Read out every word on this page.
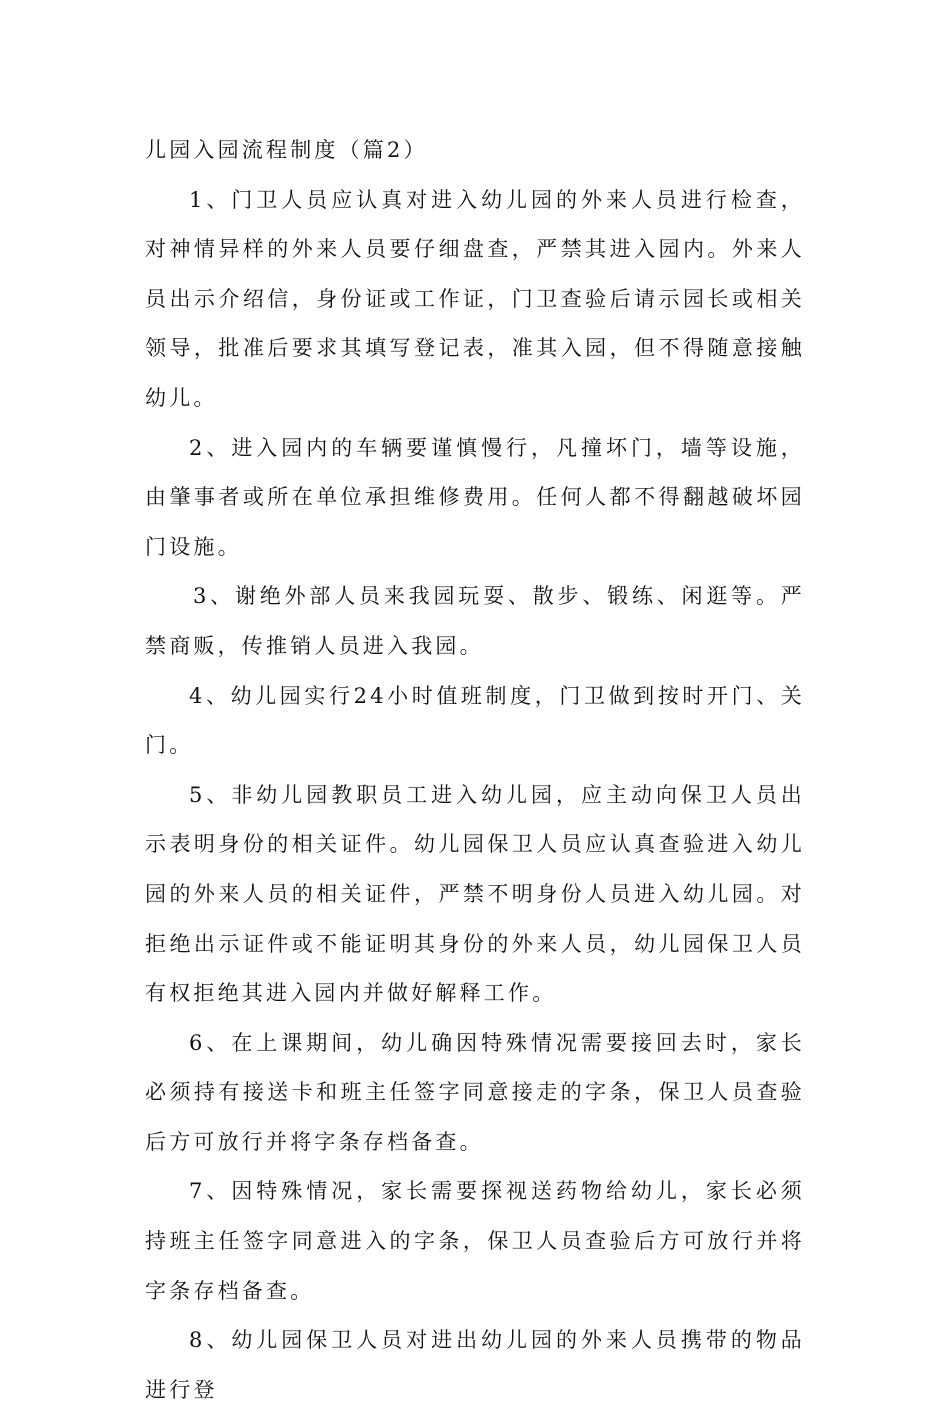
儿园入园流程制度（篇2）

1、门卫人员应认真对进入幼儿园的外来人员进行检查，对神情异样的外来人员要仔细盘查，严禁其进入园内。外来人员出示介绍信，身份证或工作证，门卫查验后请示园长或相关领导，批准后要求其填写登记表，准其入园，但不得随意接触幼儿。

2、进入园内的车辆要谨慎慢行，凡撞坏门，墙等设施，由肇事者或所在单位承担维修费用。任何人都不得翻越破坏园门设施。

3、谢绝外部人员来我园玩耍、散步、锻练、闲逛等。严禁商贩，传推销人员进入我园。

4、幼儿园实行24小时值班制度，门卫做到按时开门、关门。

5、非幼儿园教职员工进入幼儿园，应主动向保卫人员出示表明身份的相关证件。幼儿园保卫人员应认真查验进入幼儿园的外来人员的相关证件，严禁不明身份人员进入幼儿园。对拒绝出示证件或不能证明其身份的外来人员，幼儿园保卫人员有权拒绝其进入园内并做好解释工作。

6、在上课期间，幼儿确因特殊情况需要接回去时，家长必须持有接送卡和班主任签字同意接走的字条，保卫人员查验后方可放行并将字条存档备查。

7、因特殊情况，家长需要探视送药物给幼儿，家长必须持班主任签字同意进入的字条，保卫人员查验后方可放行并将字条存档备查。

8、幼儿园保卫人员对进出幼儿园的外来人员携带的物品进行登
